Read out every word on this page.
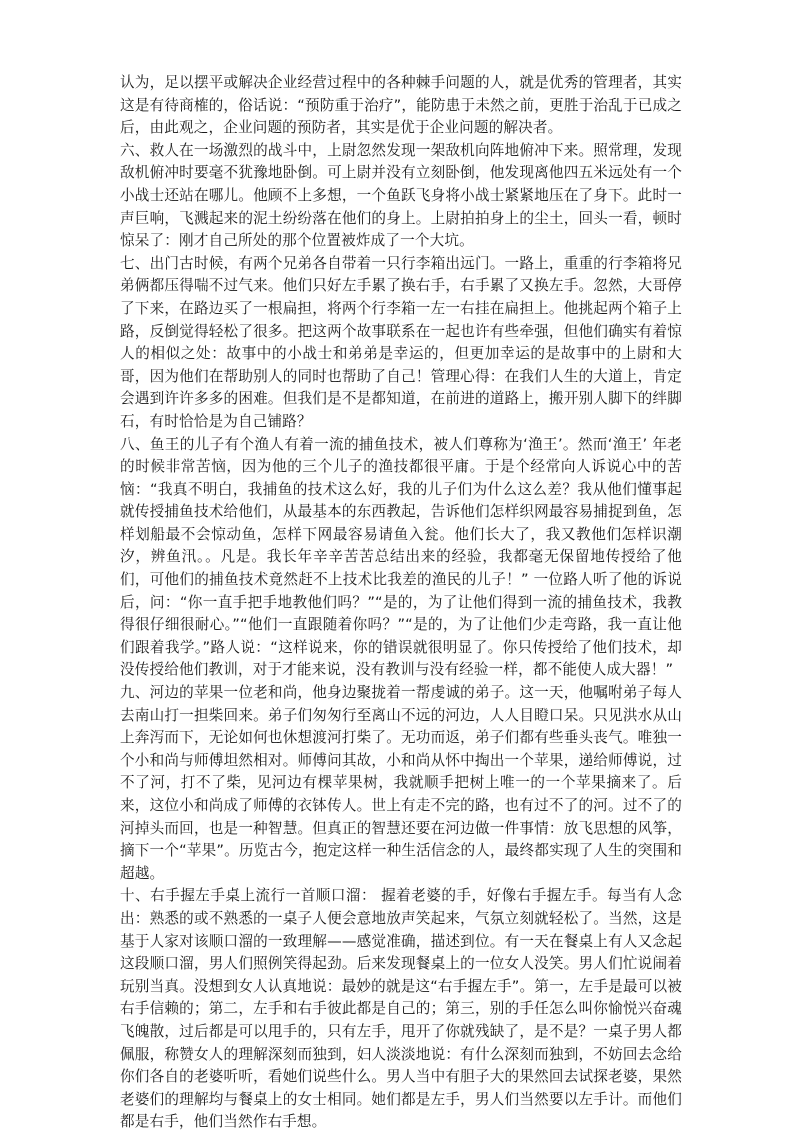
认为，足以摆平或解决企业经营过程中的各种棘手问题的人，就是优秀的管理者，其实这是有待商榷的，俗话说：“预防重于治疗”，能防患于未然之前，更胜于治乱于已成之后，由此观之，企业问题的预防者，其实是优于企业问题的解决者。

六、救人在一场激烈的战斗中，上尉忽然发现一架敌机向阵地俯冲下来。照常理，发现敌机俯冲时要毫不犹豫地卧倒。可上尉并没有立刻卧倒，他发现离他四五米远处有一个小战士还站在哪儿。他顾不上多想，一个鱼跃飞身将小战士紧紧地压在了身下。此时一声巨响，飞溅起来的泥土纷纷落在他们的身上。上尉拍拍身上的尘土，回头一看，顿时惊呆了：刚才自己所处的那个位置被炸成了一个大坑。

七、出门古时候，有两个兄弟各自带着一只行李箱出远门。一路上，重重的行李箱将兄弟俩都压得喘不过气来。他们只好左手累了换右手，右手累了又换左手。忽然，大哥停了下来，在路边买了一根扁担，将两个行李箱一左一右挂在扁担上。他挑起两个箱子上路，反倒觉得轻松了很多。把这两个故事联系在一起也许有些牵强，但他们确实有着惊人的相似之处：故事中的小战士和弟弟是幸运的，但更加幸运的是故事中的上尉和大哥，因为他们在帮助别人的同时也帮助了自己！管理心得：在我们人生的大道上，肯定会遇到许许多多的困难。但我们是不是都知道，在前进的道路上，搬开别人脚下的绊脚石，有时恰恰是为自己铺路？

八、鱼王的儿子有个渔人有着一流的捕鱼技术，被人们尊称为‘渔王’。然而‘渔王’ 年老的时候非常苦恼，因为他的三个儿子的渔技都很平庸。于是个经常向人诉说心中的苦恼：“我真不明白，我捕鱼的技术这么好，我的儿子们为什么这么差？我从他们懂事起就传授捕鱼技术给他们，从最基本的东西教起，告诉他们怎样织网最容易捕捉到鱼，怎样划船最不会惊动鱼，怎样下网最容易请鱼入瓮。他们长大了，我又教他们怎样识潮汐，辨鱼汛。。凡是。我长年辛辛苦苦总结出来的经验，我都毫无保留地传授给了他们，可他们的捕鱼技术竟然赶不上技术比我差的渔民的儿子！” 一位路人听了他的诉说后，问：“你一直手把手地教他们吗？”“是的，为了让他们得到一流的捕鱼技术，我教得很仔细很耐心。”“他们一直跟随着你吗？”“是的，为了让他们少走弯路，我一直让他们跟着我学。”路人说：“这样说来，你的错误就很明显了。你只传授给了他们技术，却没传授给他们教训，对于才能来说，没有教训与没有经验一样，都不能使人成大器！”

九、河边的苹果一位老和尚，他身边聚拢着一帮虔诚的弟子。这一天，他嘱咐弟子每人去南山打一担柴回来。弟子们匆匆行至离山不远的河边，人人目瞪口呆。只见洪水从山上奔泻而下，无论如何也休想渡河打柴了。无功而返，弟子们都有些垂头丧气。唯独一个小和尚与师傅坦然相对。师傅问其故，小和尚从怀中掏出一个苹果，递给师傅说，过不了河，打不了柴，见河边有棵苹果树，我就顺手把树上唯一的一个苹果摘来了。后来，这位小和尚成了师傅的衣钵传人。世上有走不完的路，也有过不了的河。过不了的河掉头而回，也是一种智慧。但真正的智慧还要在河边做一件事情：放飞思想的风筝，摘下一个“苹果”。历览古今，抱定这样一种生活信念的人，最终都实现了人生的突围和超越。

十、右手握左手桌上流行一首顺口溜： 握着老婆的手，好像右手握左手。每当有人念出：熟悉的或不熟悉的一桌子人便会意地放声笑起来，气氛立刻就轻松了。当然，这是基于人家对该顺口溜的一致理解——感觉准确，描述到位。有一天在餐桌上有人又念起这段顺口溜，男人们照例笑得起劲。后来发现餐桌上的一位女人没笑。男人们忙说闹着玩别当真。没想到女人认真地说：最妙的就是这“右手握左手”。第一，左手是最可以被右手信赖的；第二，左手和右手彼此都是自己的；第三，别的手任怎么叫你愉悦兴奋魂飞魄散，过后都是可以甩手的，只有左手，甩开了你就残缺了，是不是？一桌子男人都佩服，称赞女人的理解深刻而独到，妇人淡淡地说：有什么深刻而独到，不妨回去念给你们各自的老婆听听，看她们说些什么。男人当中有胆子大的果然回去试探老婆，果然老婆们的理解均与餐桌上的女士相同。她们都是左手，男人们当然要以左手计。而他们都是右手，他们当然作右手想。
